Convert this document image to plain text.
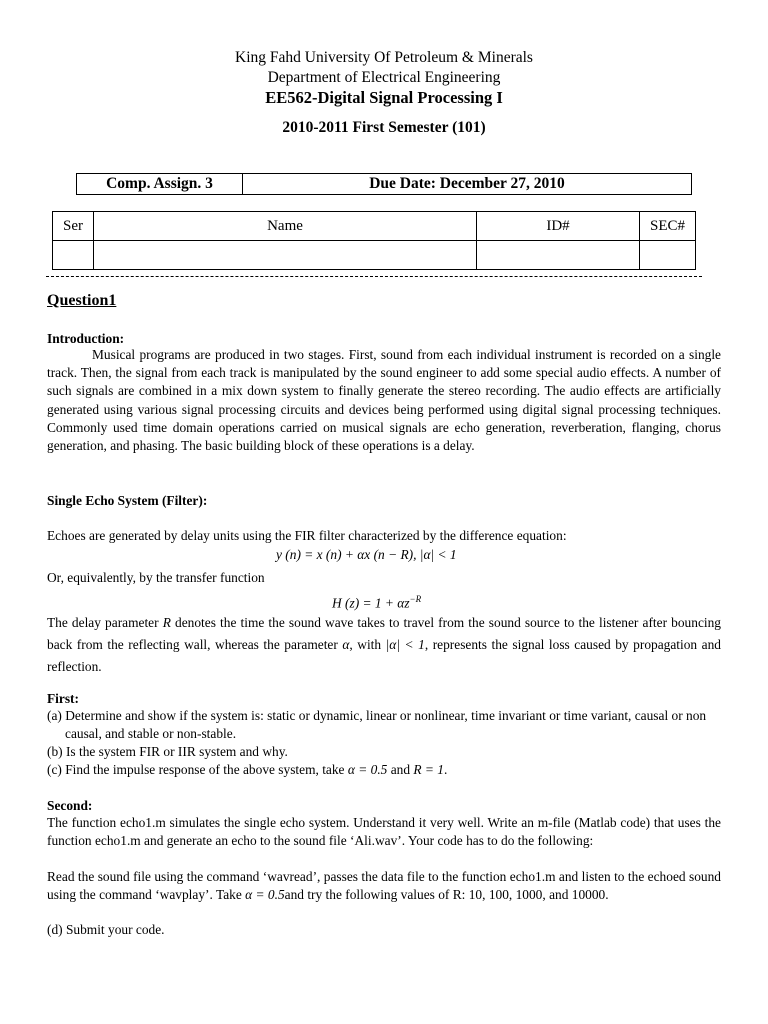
King Fahd University Of Petroleum & Minerals
Department of Electrical Engineering
EE562-Digital Signal Processing I
2010-2011 First Semester (101)
Comp. Assign. 3	Due Date: December 27, 2010
Ser	Name	ID#	SEC#

Question1
Introduction:
Musical programs are produced in two stages. First, sound from each individual instrument is recorded on a single track. Then, the signal from each track is manipulated by the sound engineer to add some special audio effects. A number of such signals are combined in a mix down system to finally generate the stereo recording. The audio effects are artificially generated using various signal processing circuits and devices being performed using digital signal processing techniques. Commonly used time domain operations carried on musical signals are echo generation, reverberation, flanging, chorus generation, and phasing. The basic building block of these operations is a delay.
Single Echo System (Filter):
Echoes are generated by delay units using the FIR filter characterized by the difference equation:
y (n) = x (n) + αx (n − R), |α| < 1
Or, equivalently, by the transfer function
H $(z) = 1 + \alpha z^{-R}$
The delay parameter R denotes the time the sound wave takes to travel from the sound source to the listener after bouncing back from the reflecting wall, whereas the parameter α, with |α| < 1, represents the signal loss caused by propagation and reflection.
First:
(a) Determine and show if the system is: static or dynamic, linear or nonlinear, time invariant or time variant, causal or non causal, and stable or non-stable.
(b) Is the system FIR or IIR system and why.
(c) Find the impulse response of the above system, take α = 0.5 and R = 1.
Second:
The function echo1.m simulates the single echo system. Understand it very well. Write an m-file (Matlab code) that uses the function echo1.m and generate an echo to the sound file ‘Ali.wav’. Your code has to do the following:
Read the sound file using the command ‘wavread’, passes the data file to the function echo1.m and listen to the echoed sound using the command ‘wavplay’. Take α = 0.5and try the following values of R: 10, 100, 1000, and 10000.
(d) Submit your code.
